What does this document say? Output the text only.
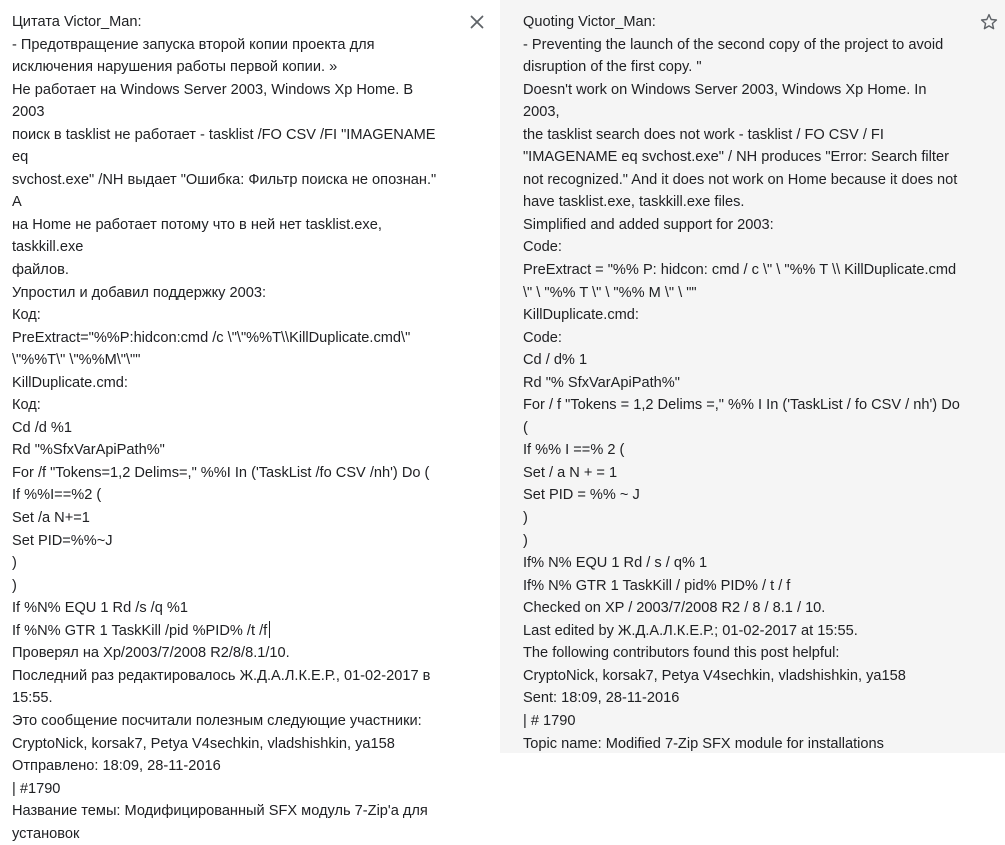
Цитата Victor_Man:
- Предотвращение запуска второй копии проекта для
исключения нарушения работы первой копии. »
Не работает на Windows Server 2003, Windows Xp Home. В 2003
поиск в tasklist не работает - tasklist /FO CSV /FI "IMAGENAME eq
svchost.exe" /NH выдает "Ошибка: Фильтр поиска не опознан." А
на Home не работает потому что в ней нет tasklist.exe, taskkill.exe
файлов.
Упростил и добавил поддержку 2003:
Код:
PreExtract="%%P:hidcon:cmd /c \"\"%%T\\KillDuplicate.cmd\"
\"%%T\" \"%%M\"\""
KillDuplicate.cmd:
Код:
Cd /d %1
Rd "%SfxVarApiPath%"
For /f "Tokens=1,2 Delims=," %%I In ('TaskList /fo CSV /nh') Do (
If %%I==%2 (
Set /a N+=1
Set PID=%%~J
)
)
If %N% EQU 1 Rd /s /q %1
If %N% GTR 1 TaskKill /pid %PID% /t /f
Проверял на Xp/2003/7/2008 R2/8/8.1/10.
Последний раз редактировалось Ж.Д.А.Л.К.Е.Р., 01-02-2017 в
15:55.
Это сообщение посчитали полезным следующие участники:
CryptoNick, korsak7, Petya V4sechkin, vladshishkin, ya158
Отправлено: 18:09, 28-11-2016
| #1790
Название темы: Модифицированный SFX модуль 7-Zip'a для
установок
Quoting Victor_Man:
- Preventing the launch of the second copy of the project to avoid
disruption of the first copy. "
Doesn't work on Windows Server 2003, Windows Xp Home. In 2003,
the tasklist search does not work - tasklist / FO CSV / FI
"IMAGENAME eq svchost.exe" / NH produces "Error: Search filter
not recognized." And it does not work on Home because it does not
have tasklist.exe, taskkill.exe files.
Simplified and added support for 2003:
Code:
PreExtract = "%% P: hidcon: cmd / c \" \ "%% T \\ KillDuplicate.cmd
\" \ "%% T \" \ "%% M \" \ ""
KillDuplicate.cmd:
Code:
Cd / d% 1
Rd "% SfxVarApiPath%"
For / f "Tokens = 1,2 Delims =," %% I In ('TaskList / fo CSV / nh') Do (
If %% I ==% 2 (
Set / a N + = 1
Set PID = %% ~ J
)
)
If% N% EQU 1 Rd / s / q% 1
If% N% GTR 1 TaskKill / pid% PID% / t / f
Checked on XP / 2003/7/2008 R2 / 8 / 8.1 / 10.
Last edited by Ж.Д.А.Л.К.Е.Р.; 01-02-2017 at 15:55.
The following contributors found this post helpful:
CryptoNick, korsak7, Petya V4sechkin, vladshishkin, ya158
Sent: 18:09, 28-11-2016
| # 1790
Topic name: Modified 7-Zip SFX module for installations
